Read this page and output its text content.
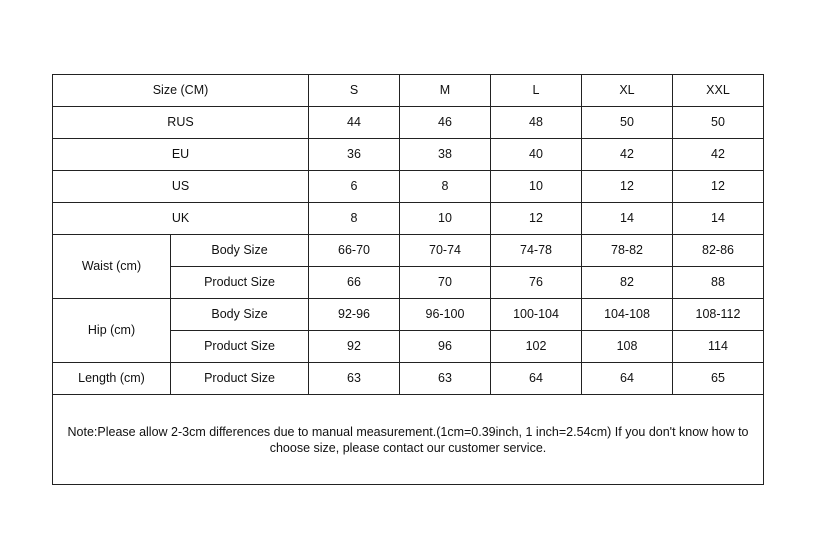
Size (CM)		S	M	L	XL	XXL
RUS		44	46	48	50	50
EU		36	38	40	42	42
US		6	8	10	12	12
UK		8	10	12	14	14
Waist (cm)	Body Size	66-70	70-74	74-78	78-82	82-86
	Product Size	66	70	76	82	88
Hip (cm)	Body Size	92-96	96-100	100-104	104-108	108-112
	Product Size	92	96	102	108	114
Length (cm)	Product Size	63	63	64	64	65
Note:Please allow 2-3cm differences due to manual measurement.(1cm=0.39inch, 1 inch=2.54cm) If you don't know how to choose size, please contact our customer service.						
